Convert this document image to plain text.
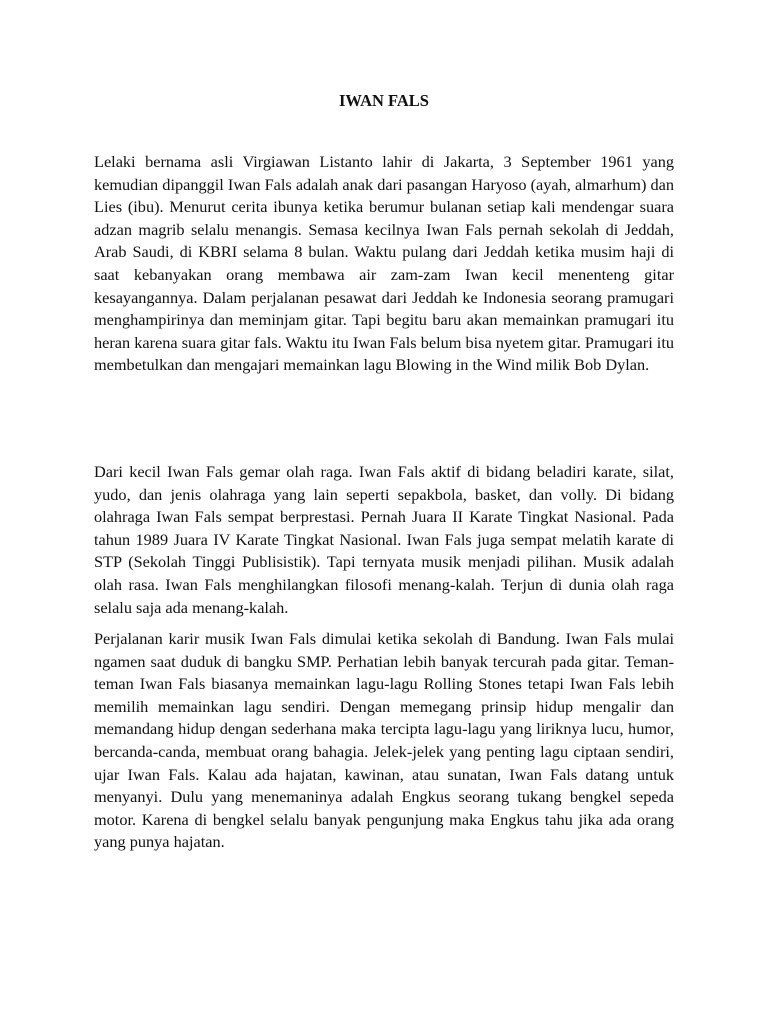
IWAN FALS

Lelaki bernama asli Virgiawan Listanto lahir di Jakarta, 3 September 1961 yang kemudian dipanggil Iwan Fals adalah anak dari pasangan Haryoso (ayah, almarhum) dan Lies (ibu). Menurut cerita ibunya ketika berumur bulanan setiap kali mendengar suara adzan magrib selalu menangis. Semasa kecilnya Iwan Fals pernah sekolah di Jeddah, Arab Saudi, di KBRI selama 8 bulan. Waktu pulang dari Jeddah ketika musim haji di saat kebanyakan orang membawa air zam-zam Iwan kecil menenteng gitar kesayangannya. Dalam perjalanan pesawat dari Jeddah ke Indonesia seorang pramugari menghampirinya dan meminjam gitar. Tapi begitu baru akan memainkan pramugari itu heran karena suara gitar fals. Waktu itu Iwan Fals belum bisa nyetem gitar. Pramugari itu membetulkan dan mengajari memainkan lagu Blowing in the Wind milik Bob Dylan.

Dari kecil Iwan Fals gemar olah raga. Iwan Fals aktif di bidang beladiri karate, silat, yudo, dan jenis olahraga yang lain seperti sepakbola, basket, dan volly. Di bidang olahraga Iwan Fals sempat berprestasi. Pernah Juara II Karate Tingkat Nasional. Pada tahun 1989 Juara IV Karate Tingkat Nasional. Iwan Fals juga sempat melatih karate di STP (Sekolah Tinggi Publisistik). Tapi ternyata musik menjadi pilihan. Musik adalah olah rasa. Iwan Fals menghilangkan filosofi menang-kalah. Terjun di dunia olah raga selalu saja ada menang-kalah.

Perjalanan karir musik Iwan Fals dimulai ketika sekolah di Bandung. Iwan Fals mulai ngamen saat duduk di bangku SMP. Perhatian lebih banyak tercurah pada gitar. Teman-teman Iwan Fals biasanya memainkan lagu-lagu Rolling Stones tetapi Iwan Fals lebih memilih memainkan lagu sendiri. Dengan memegang prinsip hidup mengalir dan memandang hidup dengan sederhana maka tercipta lagu-lagu yang liriknya lucu, humor, bercanda-canda, membuat orang bahagia. Jelek-jelek yang penting lagu ciptaan sendiri, ujar Iwan Fals. Kalau ada hajatan, kawinan, atau sunatan, Iwan Fals datang untuk menyanyi. Dulu yang menemaninya adalah Engkus seorang tukang bengkel sepeda motor. Karena di bengkel selalu banyak pengunjung maka Engkus tahu jika ada orang yang punya hajatan.
